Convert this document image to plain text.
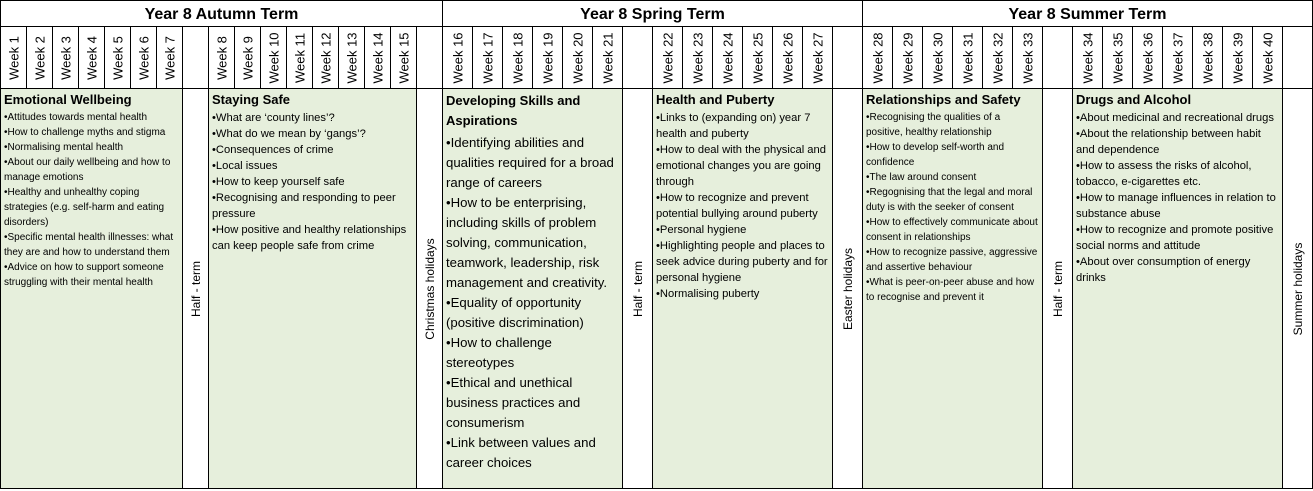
Year 8 Autumn Term	Year 8 Spring Term	Year 8 Summer Term
Week 1 Week 2 Week 3 Week 4 Week 5 Week 6 Week 7	Week 8 Week 9 Week 10 Week 11 Week 12 Week 13 Week 14 Week 15	Week 16 Week 17 Week 18 Week 19 Week 20 Week 21	Week 22 Week 23 Week 24 Week 25 Week 26 Week 27	Week 28 Week 29 Week 30 Week 31 Week 32 Week 33	Week 34 Week 35 Week 36 Week 37 Week 38 Week 39 Week 40
Emotional Wellbeing
•Attitudes towards mental health
•How to challenge myths and stigma
•Normalising mental health
•About our daily wellbeing and how to manage emotions
•Healthy and unhealthy coping strategies (e.g. self-harm and eating disorders)
•Specific mental health illnesses: what they are and how to understand them
•Advice on how to support someone struggling with their mental health	Half - term
Staying Safe
•What are ‘county lines’?
•What do we mean by ‘gangs’?
•Consequences of crime
•Local issues
•How to keep yourself safe
•Recognising and responding to peer pressure
•How positive and healthy relationships can keep people safe from crime	Christmas holidays
Developing Skills and Aspirations
•Identifying abilities and qualities required for a broad range of careers
•How to be enterprising, including skills of problem solving, communication, teamwork, leadership, risk management and creativity.
•Equality of opportunity (positive discrimination)
•How to challenge stereotypes
•Ethical and unethical business practices and consumerism
•Link between values and career choices
Half - term
Health and Puberty
•Links to (expanding on) year 7 health and puberty
•How to deal with the physical and emotional changes you are going through
•How to recognize and prevent potential bullying around puberty
•Personal hygiene
•Highlighting people and places to seek advice during puberty and for personal hygiene
•Normalising puberty	Easter holidays
Relationships and Safety
•Recognising the qualities of a positive, healthy relationship
•How to develop self-worth and confidence
•The law around consent
•Regognising that the legal and moral duty is with the seeker of consent
•How to effectively communicate about consent in relationships
•How to recognize passive, aggressive and assertive behaviour
•What is peer-on-peer abuse and how to recognise and prevent it	Half - term
Drugs and Alcohol
•About medicinal and recreational drugs
•About the relationship between habit and dependence
•How to assess the risks of alcohol, tobacco, e-cigarettes etc.
•How to manage influences in relation to substance abuse
•How to recognize and promote positive social norms and attitude
•About over consumption of energy drinks	Summer holidays
